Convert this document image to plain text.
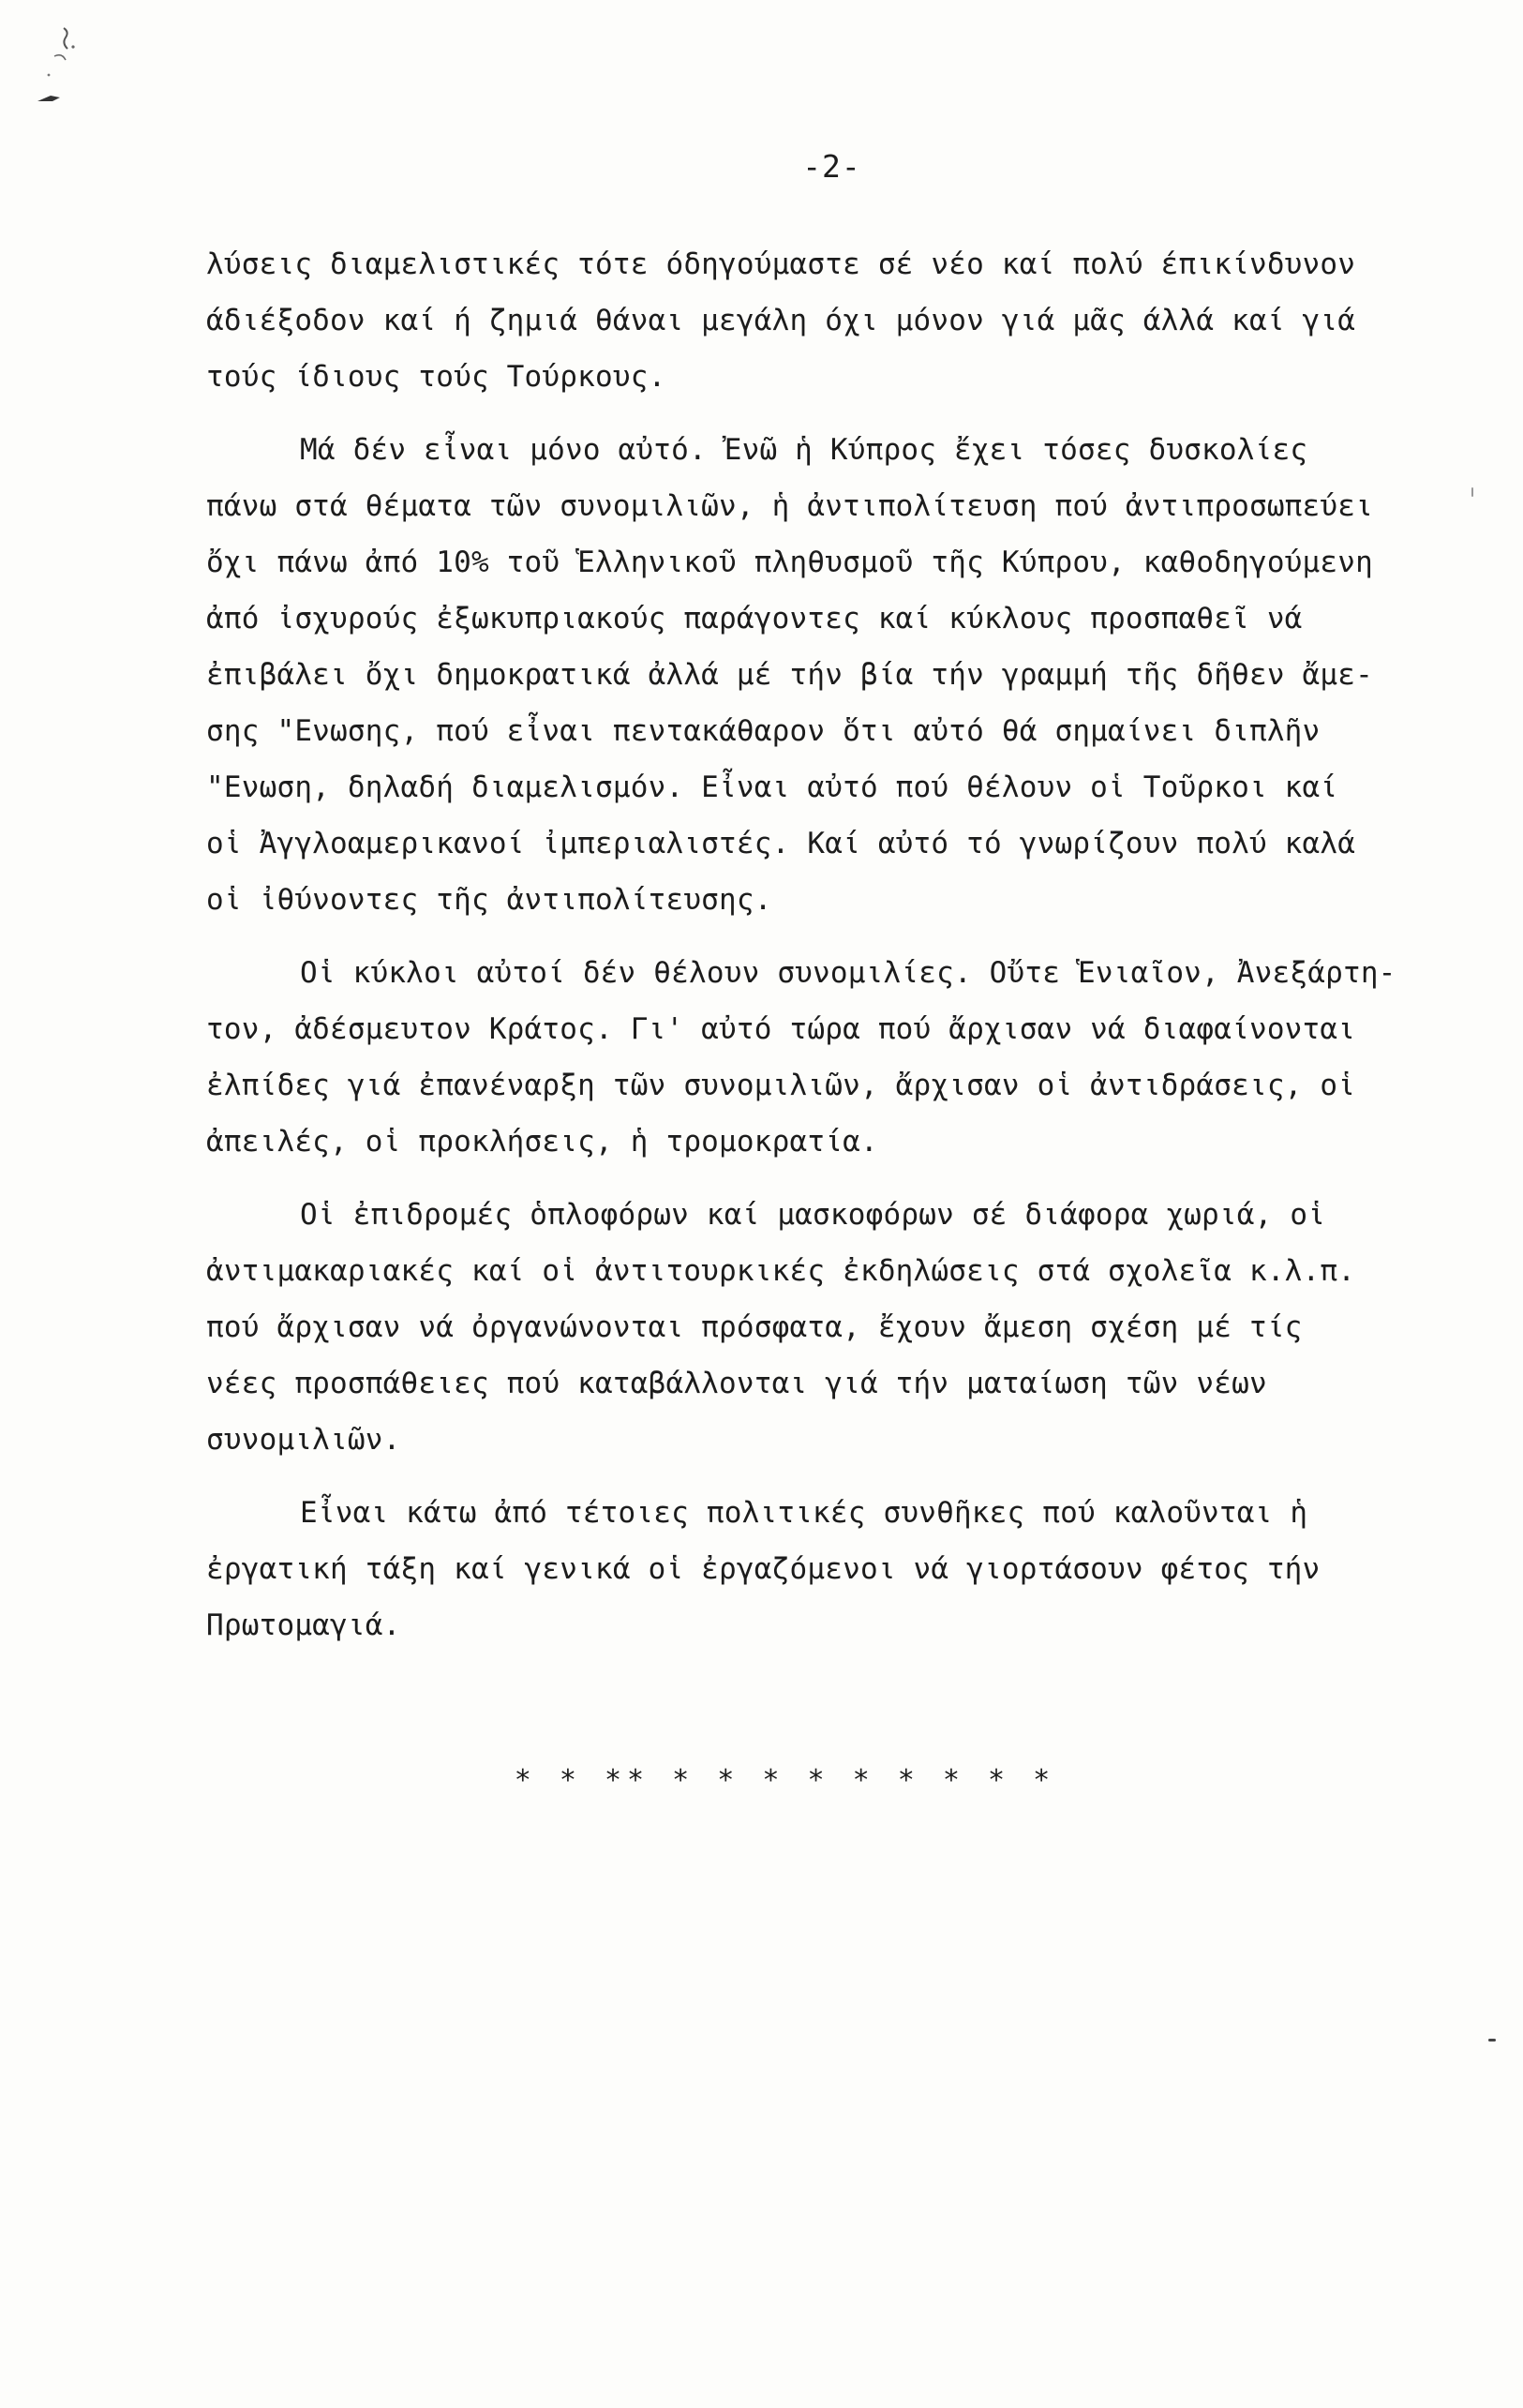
-2-
λύσεις διαμελιστικές τότε όδηγούμαστε σέ νέο καί πολύ έπικίνδυνον
άδιέξοδον καί ή ζημιά θάναι μεγάλη όχι μόνον γιά μᾶς άλλά καί γιά
τούς ίδιους τούς Τούρκους.
Μά δέν εἶναι μόνο αὐτό. Ἐνῶ ἡ Κύπρος ἔχει τόσες δυσκολίες
πάνω στά θέματα τῶν συνομιλιῶν, ἡ ἀντιπολίτευση πού ἀντιπροσωπεύει
ὄχι πάνω ἀπό 10% τοῦ Ἑλληνικοῦ πληθυσμοῦ τῆς Κύπρου, καθοδηγούμενη
ἀπό ἰσχυρούς ἐξωκυπριακούς παράγοντες καί κύκλους προσπαθεῖ νά
ἐπιβάλει ὄχι δημοκρατικά ἀλλά μέ τήν βία τήν γραμμή τῆς δῆθεν ἄμε-
σης "Ενωσης, πού εἶναι πεντακάθαρον ὅτι αὐτό θά σημαίνει διπλῆν
"Ενωση, δηλαδή διαμελισμόν. Εἶναι αὐτό πού θέλουν οἱ Τοῦρκοι καί
οἱ Ἀγγλοαμερικανοί ἰμπεριαλιστές. Καί αὐτό τό γνωρίζουν πολύ καλά
οἱ ἰθύνοντες τῆς ἀντιπολίτευσης.
Οἱ κύκλοι αὐτοί δέν θέλουν συνομιλίες. Οὔτε Ἑνιαῖον, Ἀνεξάρτη-
τον, ἀδέσμευτον Κράτος. Γι' αὐτό τώρα πού ἄρχισαν νά διαφαίνονται
ἐλπίδες γιά ἐπανέναρξη τῶν συνομιλιῶν, ἄρχισαν οἱ ἀντιδράσεις, οἱ
ἀπειλές, οἱ προκλήσεις, ἡ τρομοκρατία.
Οἱ ἐπιδρομές ὁπλοφόρων καί μασκοφόρων σέ διάφορα χωριά, οἱ
ἀντιμακαριακές καί οἱ ἀντιτουρκικές ἐκδηλώσεις στά σχολεῖα κ.λ.π.
πού ἄρχισαν νά ὀργανώνονται πρόσφατα, ἔχουν ἄμεση σχέση μέ τίς
νέες προσπάθειες πού καταβάλλονται γιά τήν ματαίωση τῶν νέων
συνομιλιῶν.
Εἶναι κάτω ἀπό τέτοιες πολιτικές συνθῆκες πού καλοῦνται ἡ
ἐργατική τάξη καί γενικά οἱ ἐργαζόμενοι νά γιορτάσουν φέτος τήν
Πρωτομαγιά.
* * ** * * * * * * * * *
